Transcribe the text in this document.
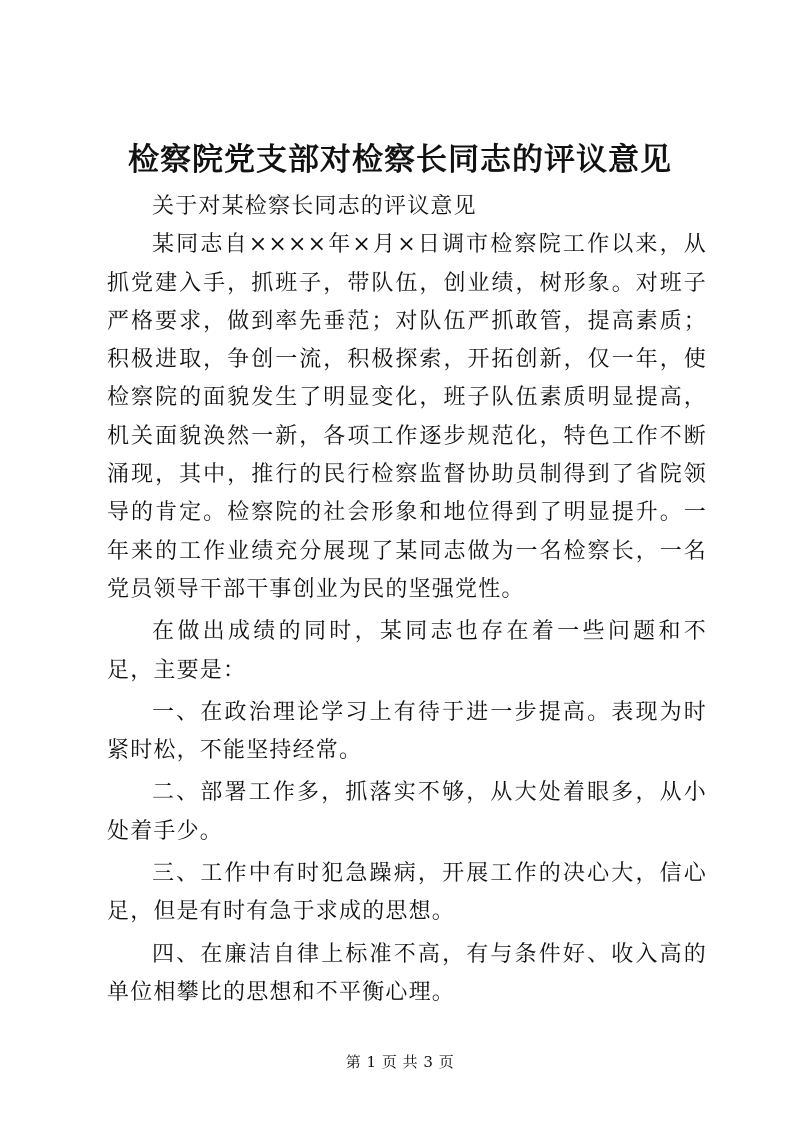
检察院党支部对检察长同志的评议意见

关于对某检察长同志的评议意见

某同志自××××年×月×日调市检察院工作以来，从抓党建入手，抓班子，带队伍，创业绩，树形象。对班子严格要求，做到率先垂范；对队伍严抓敢管，提高素质；积极进取，争创一流，积极探索，开拓创新，仅一年，使检察院的面貌发生了明显变化，班子队伍素质明显提高，机关面貌涣然一新，各项工作逐步规范化，特色工作不断涌现，其中，推行的民行检察监督协助员制得到了省院领导的肯定。检察院的社会形象和地位得到了明显提升。一年来的工作业绩充分展现了某同志做为一名检察长，一名党员领导干部干事创业为民的坚强党性。

在做出成绩的同时，某同志也存在着一些问题和不足，主要是：

一、在政治理论学习上有待于进一步提高。表现为时紧时松，不能坚持经常。

二、部署工作多，抓落实不够，从大处着眼多，从小处着手少。

三、工作中有时犯急躁病，开展工作的决心大，信心足，但是有时有急于求成的思想。

四、在廉洁自律上标准不高，有与条件好、收入高的单位相攀比的思想和不平衡心理。

第 1 页 共 3 页
